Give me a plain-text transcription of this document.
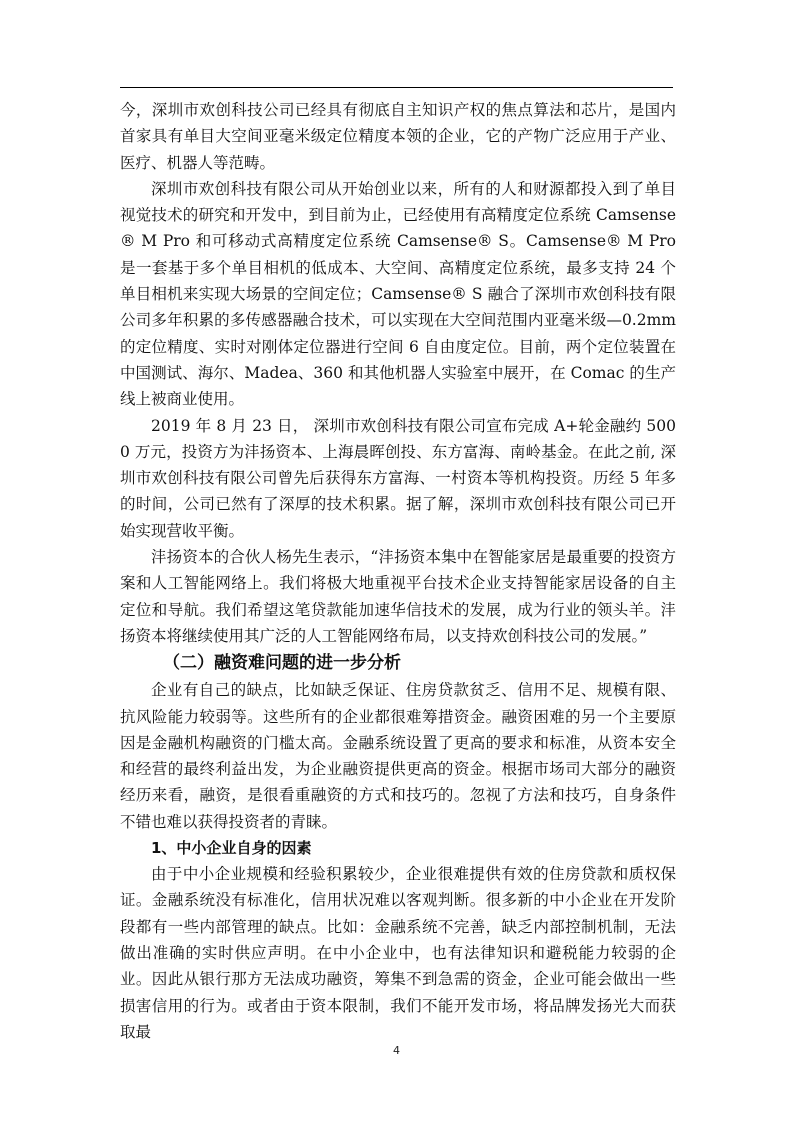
今，深圳市欢创科技公司已经具有彻底自主知识产权的焦点算法和芯片，是国内首家具有单目大空间亚毫米级定位精度本领的企业，它的产物广泛应用于产业、医疗、机器人等范畴。

深圳市欢创科技有限公司从开始创业以来，所有的人和财源都投入到了单目视觉技术的研究和开发中，到目前为止，已经使用有高精度定位系统 Camsense® M Pro 和可移动式高精度定位系统 Camsense® S。Camsense® M Pro 是一套基于多个单目相机的低成本、大空间、高精度定位系统，最多支持 24 个单目相机来实现大场景的空间定位；Camsense® S 融合了深圳市欢创科技有限公司多年积累的多传感器融合技术，可以实现在大空间范围内亚毫米级—0.2mm 的定位精度、实时对刚体定位器进行空间 6 自由度定位。目前，两个定位装置在中国测试、海尔、Madea、360 和其他机器人实验室中展开，在 Comac 的生产线上被商业使用。

2019 年 8 月 23 日， 深圳市欢创科技有限公司宣布完成 A+轮金融约 5000 万元，投资方为沣扬资本、上海晨晖创投、东方富海、南岭基金。在此之前, 深圳市欢创科技有限公司曾先后获得东方富海、一村资本等机构投资。历经 5 年多的时间，公司已然有了深厚的技术积累。据了解，深圳市欢创科技有限公司已开始实现营收平衡。

沣扬资本的合伙人杨先生表示，“沣扬资本集中在智能家居是最重要的投资方案和人工智能网络上。我们将极大地重视平台技术企业支持智能家居设备的自主定位和导航。我们希望这笔贷款能加速华信技术的发展，成为行业的领头羊。沣扬资本将继续使用其广泛的人工智能网络布局，以支持欢创科技公司的发展。”

（二）融资难问题的进一步分析

企业有自己的缺点，比如缺乏保证、住房贷款贫乏、信用不足、规模有限、抗风险能力较弱等。这些所有的企业都很难筹措资金。融资困难的另一个主要原因是金融机构融资的门槛太高。金融系统设置了更高的要求和标准，从资本安全和经营的最终利益出发，为企业融资提供更高的资金。根据市场司大部分的融资经历来看，融资，是很看重融资的方式和技巧的。忽视了方法和技巧，自身条件不错也难以获得投资者的青睐。

1、中小企业自身的因素

由于中小企业规模和经验积累较少，企业很难提供有效的住房贷款和质权保证。金融系统没有标准化，信用状况难以客观判断。很多新的中小企业在开发阶段都有一些内部管理的缺点。比如：金融系统不完善，缺乏内部控制机制，无法做出准确的实时供应声明。在中小企业中，也有法律知识和避税能力较弱的企业。因此从银行那方无法成功融资，筹集不到急需的资金，企业可能会做出一些损害信用的行为。或者由于资本限制，我们不能开发市场，将品牌发扬光大而获取最

4
